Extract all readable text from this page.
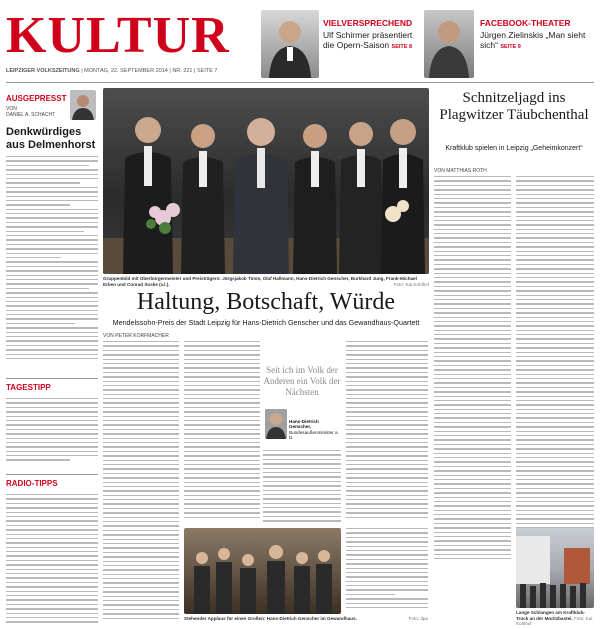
KULTUR	VIELVERSPRECHEND
Ulf Schirmer präsentiert die Opern-Saison SEITE 8
FACEBOOK-THEATER
Jürgen Zielinskis „Man sieht sich“ SEITE 9
LEIPZIGER VOLKSZEITUNG | MONTAG, 22. SEPTEMBER 2014 | NR. 221 | SEITE 7
AUSGEPRESST
VON
DANIEL A. SCHACHT
Denkwürdiges aus Delmenhorst
TAGESTIPP
RADIO-TIPPS
Gruppenbild mit Oberbürgermeister und Preisträgern: Jürgsjakob Timm, Olaf Hallmann, Hans-Dietrich Genscher, Burkhard Jung, Frank-Michael Erben und Conrad Suske (v.l.).	Foto: Kai Kohlhof
Haltung, Botschaft, Würde
Mendelssohn-Preis der Stadt Leipzig für Hans-Dietrich Genscher und das Gewandhaus-Quartett
VON PETER KORFMACHER
Seit ich im Volk der Anderen ein Volk der Nächsten
Hans-Dietrich Genscher,
Bundesaußenminister a. D.
Stehender Applaus für einen Großen: Hans-Dietrich Genscher im Gewandhaus.	Foto: dpa
Schnitzeljagd ins Plagwitzer Täubchenthal
Kraftklub spielen in Leipzig „Geheimkonzert“
VON MATTHIAS ROTH
Lange Schlangen am Kraftklub-Truck an der Moritzbastei. Foto: Kai Kohlhof
